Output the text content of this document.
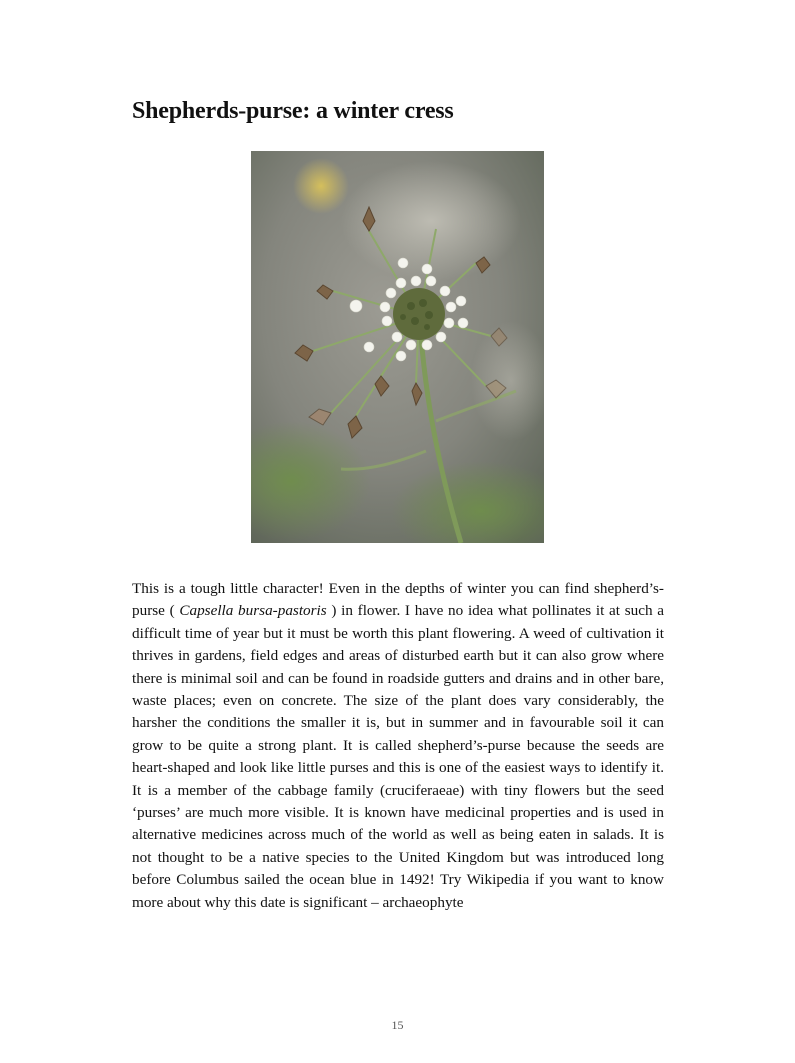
Shepherds-purse: a winter cress

This is a tough little character! Even in the depths of winter you can find shepherd’s-purse ( Capsella bursa-pastoris ) in flower. I have no idea what pollinates it at such a difficult time of year but it must be worth this plant flowering. A weed of cultivation it thrives in gardens, field edges and areas of disturbed earth but it can also grow where there is minimal soil and can be found in roadside gutters and drains and in other bare, waste places; even on concrete. The size of the plant does vary considerably, the harsher the conditions the smaller it is, but in summer and in favourable soil it can grow to be quite a strong plant. It is called shepherd’s-purse because the seeds are heart-shaped and look like little purses and this is one of the easiest ways to identify it. It is a member of the cabbage family (cruciferaeae) with tiny flowers but the seed ‘purses’ are much more visible. It is known have medicinal properties and is used in alternative medicines across much of the world as well as being eaten in salads. It is not thought to be a native species to the United Kingdom but was introduced long before Columbus sailed the ocean blue in 1492! Try Wikipedia if you want to know more about why this date is significant – archaeophyte

15
